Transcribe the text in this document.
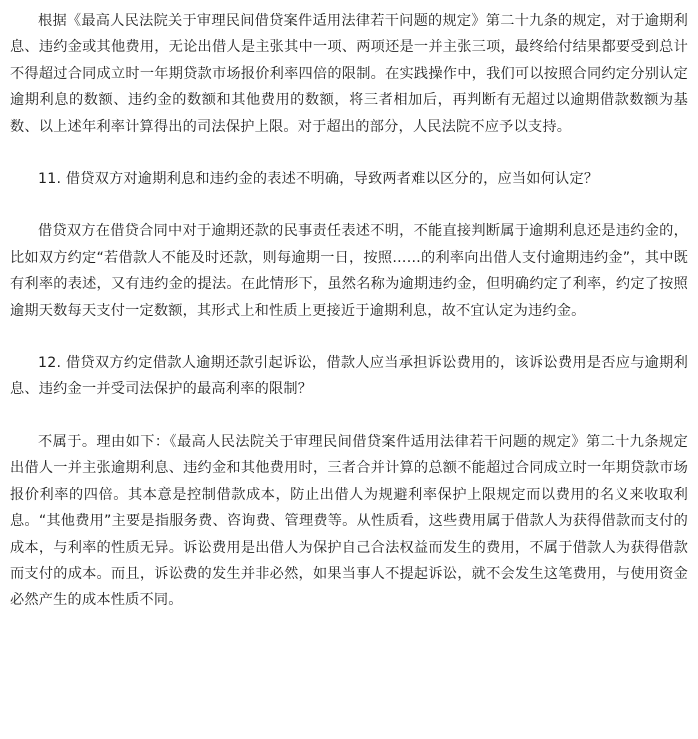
根据《最高人民法院关于审理民间借贷案件适用法律若干问题的规定》第二十九条的规定，对于逾期利息、违约金或其他费用，无论出借人是主张其中一项、两项还是一并主张三项，最终给付结果都要受到总计不得超过合同成立时一年期贷款市场报价利率四倍的限制。在实践操作中，我们可以按照合同约定分别认定逾期利息的数额、违约金的数额和其他费用的数额，将三者相加后，再判断有无超过以逾期借款数额为基数、以上述年利率计算得出的司法保护上限。对于超出的部分，人民法院不应予以支持。

11. 借贷双方对逾期利息和违约金的表述不明确，导致两者难以区分的，应当如何认定？

借贷双方在借贷合同中对于逾期还款的民事责任表述不明，不能直接判断属于逾期利息还是违约金的，比如双方约定“若借款人不能及时还款，则每逾期一日，按照……的利率向出借人支付逾期违约金”，其中既有利率的表述，又有违约金的提法。在此情形下，虽然名称为逾期违约金，但明确约定了利率，约定了按照逾期天数每天支付一定数额，其形式上和性质上更接近于逾期利息，故不宜认定为违约金。

12. 借贷双方约定借款人逾期还款引起诉讼，借款人应当承担诉讼费用的，该诉讼费用是否应与逾期利息、违约金一并受司法保护的最高利率的限制？

不属于。理由如下：《最高人民法院关于审理民间借贷案件适用法律若干问题的规定》第二十九条规定出借人一并主张逾期利息、违约金和其他费用时，三者合并计算的总额不能超过合同成立时一年期贷款市场报价利率的四倍。其本意是控制借款成本，防止出借人为规避利率保护上限规定而以费用的名义来收取利息。“其他费用”主要是指服务费、咨询费、管理费等。从性质看，这些费用属于借款人为获得借款而支付的成本，与利率的性质无异。诉讼费用是出借人为保护自己合法权益而发生的费用，不属于借款人为获得借款而支付的成本。而且，诉讼费的发生并非必然，如果当事人不提起诉讼，就不会发生这笔费用，与使用资金必然产生的成本性质不同。
